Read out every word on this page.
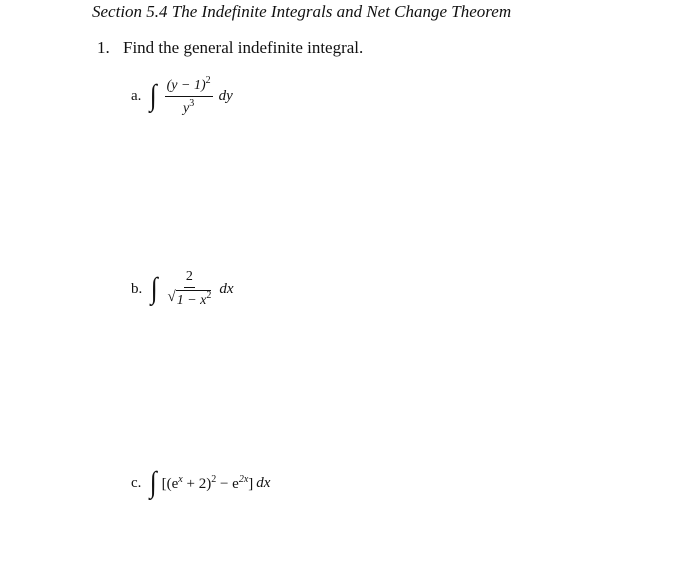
Section 5.4 The Indefinite Integrals and Net Change Theorem
1. Find the general indefinite integral.
a. ∫ $\frac{(y - 1)^2}{y^3}$ dy
b. ∫ $\frac{2}{√ 1 - x^2}$ dx
c. ∫ $[(e^x + 2)^2 - e^{2x}]$ dx
